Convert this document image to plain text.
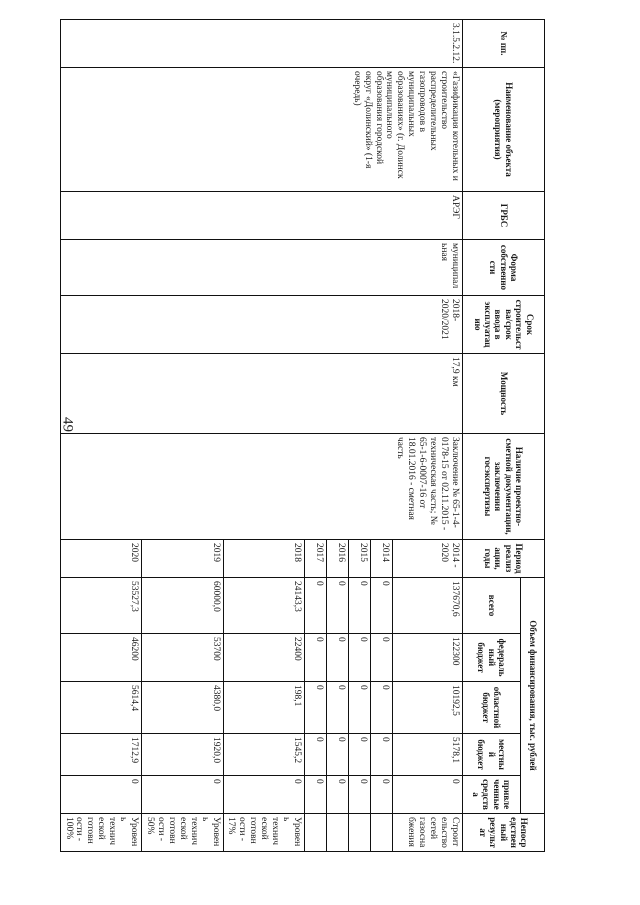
49
№ пп.	Наименование объекта (мероприятия)	ГРБС	Форма собственности	Срок строительства/срок ввода в эксплуатацию	Мощность	Наличие проектно-сметной документации, заключения госэкспертизы	Период реализации, годы	Объем финансирования, тыс. рублей					Непосредственный результат
								всего	федеральный бюджет	областной бюджет	местный бюджет	привлеченные средства	
3.1.5.2.12.	«Газификация котельных и строительство распределительных газопроводов в муниципальных образованиях» (г. Долинск муниципального образования городской округ «Долинский» (1-я очередь)	АРЭГ	муниципальная	2018-2020/2021	17,9 км	Заключение № 65-1-4-0178-15 от 02.11.2015 - техническая часть; № 65-1-6-0007-16 от 18.01.2016 - сметная часть	2014 - 2020	137670,6	122300	10192,5	5178,1	0	Строительство сетей газоснабжения
							2014	0	0	0	0	0	
							2015	0	0	0	0	0	
							2016	0	0	0	0	0	
							2017	0	0	0	0	0	
							2018	24143,3	22400	198,1	1545,2	0	Уровень технической готовности - 17%
							2019	60000,0	53700	4380,0	1920,0	0	Уровень технической готовности - 50%
							2020	53527,3	46200	5614,4	1712,9	0	Уровень технической готовности - 100%
